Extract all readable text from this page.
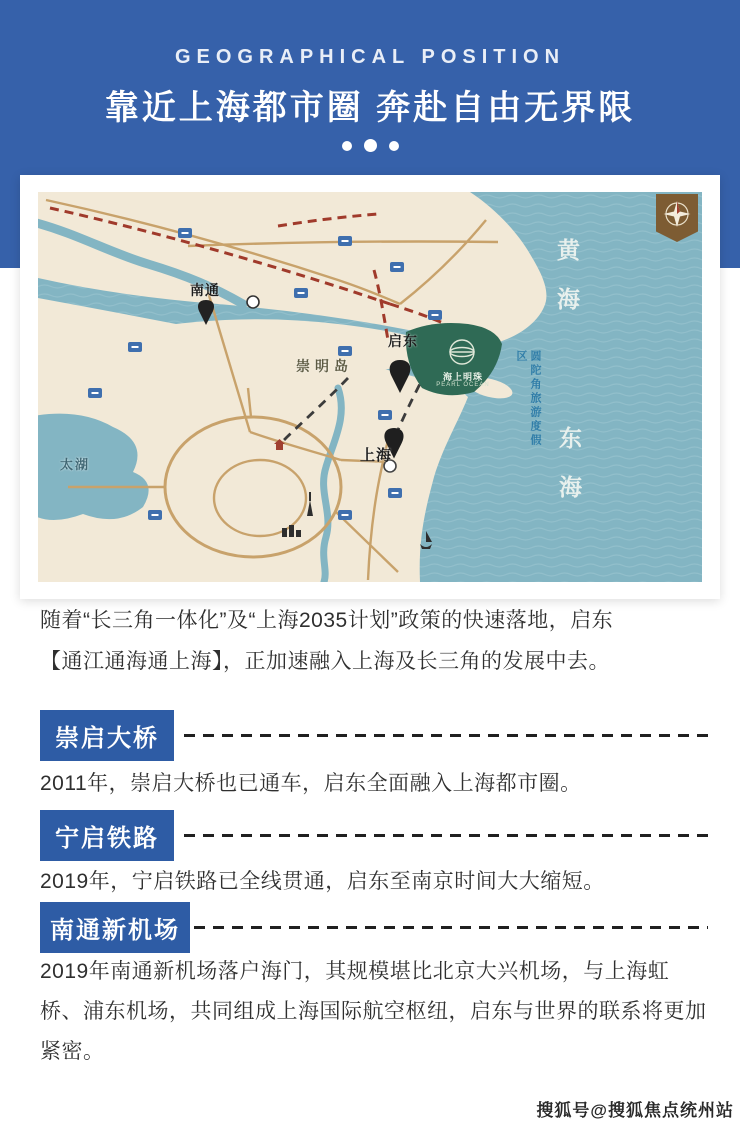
GEOGRAPHICAL POSITION
靠近上海都市圈 奔赴自由无界限
南通
启东
上海
崇明岛
太湖
黄海
东海
圆陀角旅游度假区
海上明珠
PEARL OCEAN
随着“长三角一体化”及“上海2035计划”政策的快速落地，启东
【通江通海通上海】，正加速融入上海及长三角的发展中去。
崇启大桥
2011年，崇启大桥也已通车，启东全面融入上海都市圈。
宁启铁路
2019年，宁启铁路已全线贯通，启东至南京时间大大缩短。
南通新机场
2019年南通新机场落户海门，其规模堪比北京大兴机场，与上海虹桥、浦东机场，共同组成上海国际航空枢纽，启东与世界的联系将更加紧密。
搜狐号@搜狐焦点统州站
